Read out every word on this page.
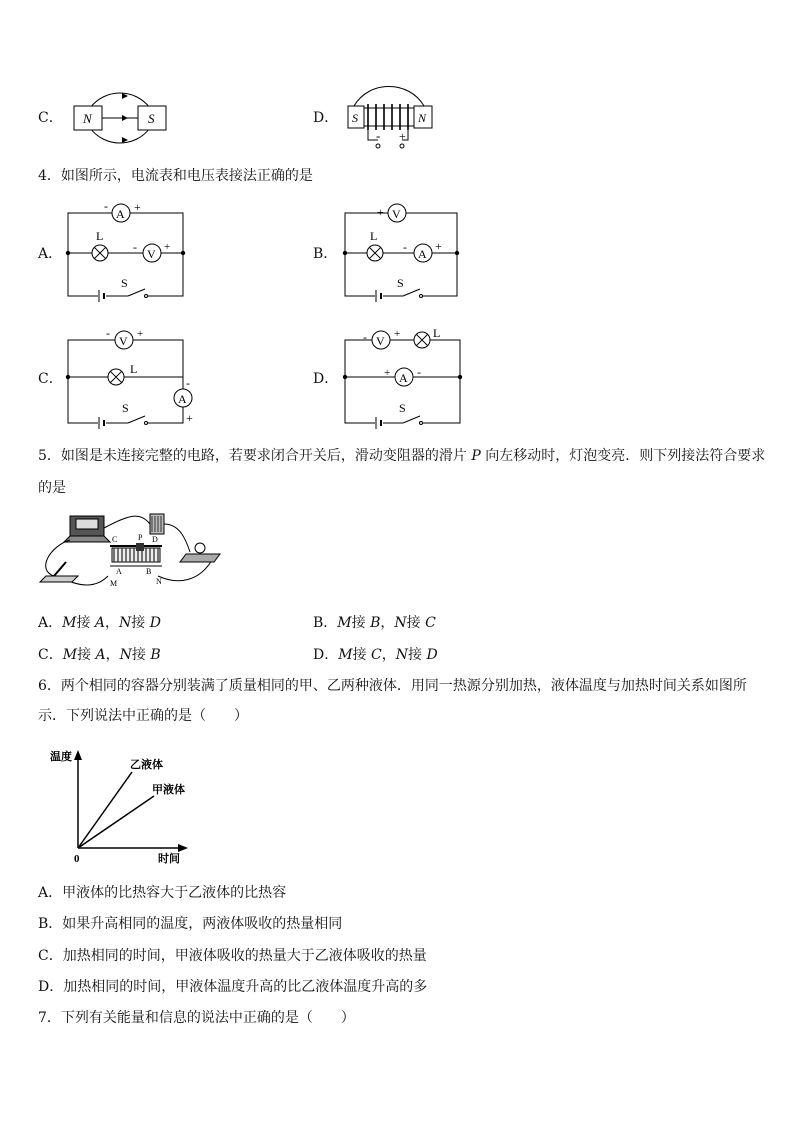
C． N	S	D． S	N
- +
4．如图所示，电流表和电压表接法正确的是
A．
A
- +
L
V
- +
S
B．
V
+ -
L
A
- +
S
C．
V
- +
L
A
-
+
S
D．
V
- +	L
A
+ -
S
5．如图是未连接完整的电路，若要求闭合开关后，滑动变阻器的滑片 P 向左移动时，灯泡变亮．则下列接法符合要求
的是
C	P D
A	B
M	N
A．M接 A，N接 D	B．M接 B，N接 C
C．M接 A，N接 B	D．M接 C，N接 D
6．两个相同的容器分别装满了质量相同的甲、乙两种液体．用同一热源分别加热，液体温度与加热时间关系如图所
示．下列说法中正确的是（　　）
温度
时间
0
乙液体
甲液体
A．甲液体的比热容大于乙液体的比热容
B．如果升高相同的温度，两液体吸收的热量相同
C．加热相同的时间，甲液体吸收的热量大于乙液体吸收的热量
D．加热相同的时间，甲液体温度升高的比乙液体温度升高的多
7．下列有关能量和信息的说法中正确的是（　　）
